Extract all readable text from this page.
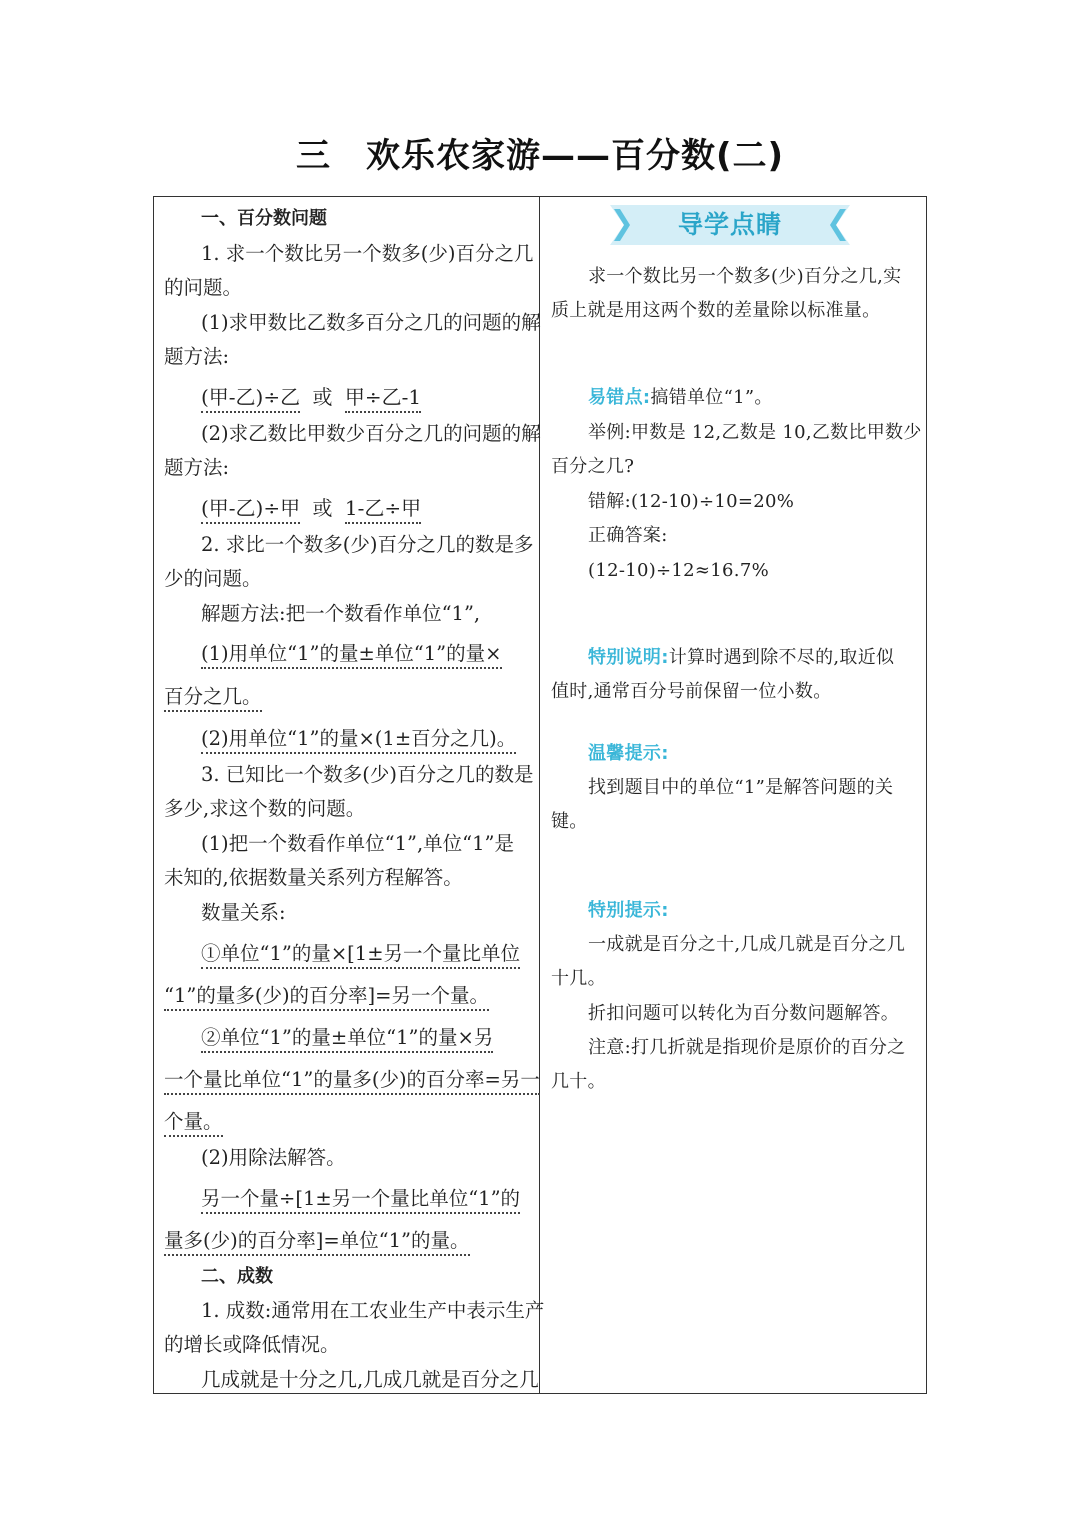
三　欢乐农家游——百分数(二)
一、百分数问题
1. 求一个数比另一个数多(少)百分之几
的问题。
(1)求甲数比乙数多百分之几的问题的解
题方法:
(甲-乙)÷乙 或 甲÷乙-1
(2)求乙数比甲数少百分之几的问题的解
题方法:
(甲-乙)÷甲 或 1-乙÷甲
2. 求比一个数多(少)百分之几的数是多
少的问题。
解题方法:把一个数看作单位“1”,
(1)用单位“1”的量±单位“1”的量×
百分之几。
(2)用单位“1”的量×(1±百分之几)。
3. 已知比一个数多(少)百分之几的数是
多少,求这个数的问题。
(1)把一个数看作单位“1”,单位“1”是
未知的,依据数量关系列方程解答。
数量关系:
①单位“1”的量×[1±另一个量比单位
“1”的量多(少)的百分率]=另一个量。
②单位“1”的量±单位“1”的量×另
一个量比单位“1”的量多(少)的百分率=另一
个量。
(2)用除法解答。
另一个量÷[1±另一个量比单位“1”的
量多(少)的百分率]=单位“1”的量。
二、成数
1. 成数:通常用在工农业生产中表示生产
的增长或降低情况。
几成就是十分之几,几成几就是百分之几
导学点睛
求一个数比另一个数多(少)百分之几,实
质上就是用这两个数的差量除以标准量。
易错点:搞错单位“1”。
举例:甲数是 12,乙数是 10,乙数比甲数少
百分之几?
错解:(12-10)÷10=20%
正确答案:
(12-10)÷12≈16.7%
特别说明:计算时遇到除不尽的,取近似
值时,通常百分号前保留一位小数。
温馨提示:
找到题目中的单位“1”是解答问题的关
键。
特别提示:
一成就是百分之十,几成几就是百分之几
十几。
折扣问题可以转化为百分数问题解答。
注意:打几折就是指现价是原价的百分之
几十。
